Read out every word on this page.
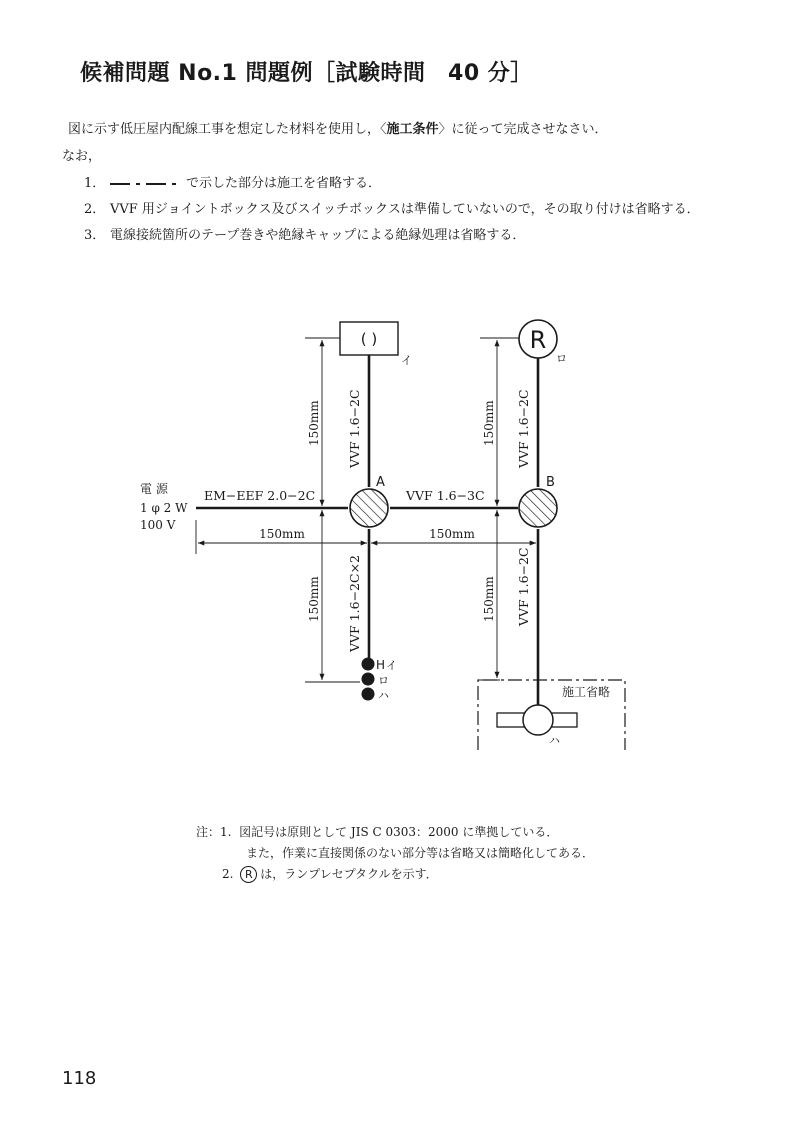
候補問題 No.1 問題例［試験時間　40 分］
図に示す低圧屋内配線工事を想定した材料を使用し，〈施工条件〉に従って完成させなさい．
なお，
1．	で示した部分は施工を省略する．
2． VVF 用ジョイントボックス及びスイッチボックスは準備していないので，その取り付けは省略する．
3． 電線接続箇所のテープ巻きや絶縁キャップによる絶縁処理は省略する．
A	B
( )
イ
R
ロ
H イ
ロ
ハ	施工省略
ハ
EM−EEF 2.0−2C	VVF 1.6−3C
VVF 1.6−2C	VVF 1.6−2C
VVF 1.6−2C×2	VVF 1.6−2C
電 源
1 φ 2 W
100 V
150mm	150mm
150mm
150mm
150mm
150mm
注：1. 図記号は原則として JIS C 0303：2000 に準拠している．
また，作業に直接関係のない部分等は省略又は簡略化してある．
2. R は，ランプレセプタクルを示す．
118
